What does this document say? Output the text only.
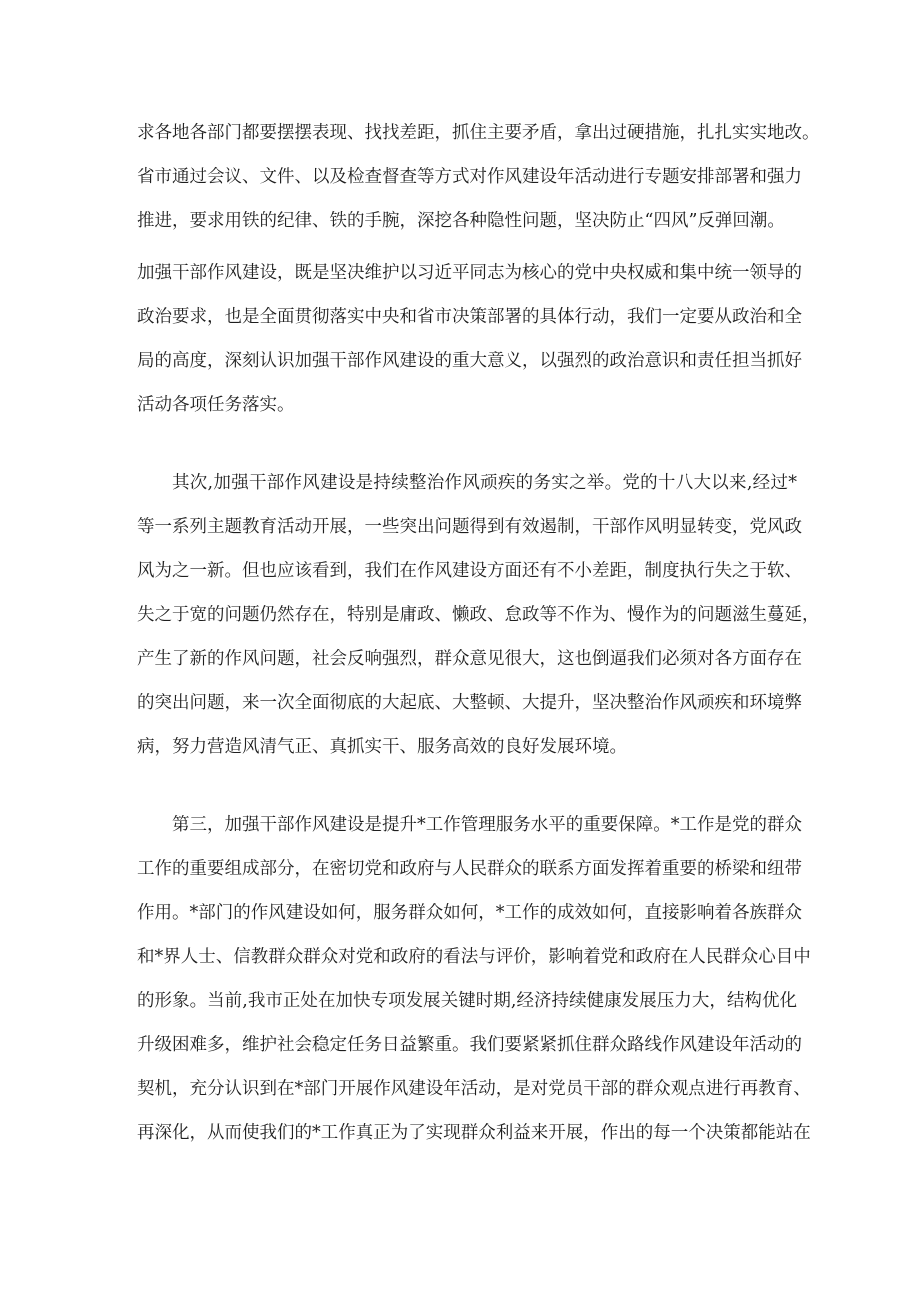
求各地各部门都要摆摆表现、找找差距，抓住主要矛盾，拿出过硬措施，扎扎实实地改。
省市通过会议、文件、以及检查督查等方式对作风建设年活动进行专题安排部署和强力
推进，要求用铁的纪律、铁的手腕，深挖各种隐性问题，坚决防止“四风”反弹回潮。
加强干部作风建设，既是坚决维护以习近平同志为核心的党中央权威和集中统一领导的
政治要求，也是全面贯彻落实中央和省市决策部署的具体行动，我们一定要从政治和全
局的高度，深刻认识加强干部作风建设的重大意义，以强烈的政治意识和责任担当抓好
活动各项任务落实。
其次,加强干部作风建设是持续整治作风顽疾的务实之举。党的十八大以来,经过*
等一系列主题教育活动开展，一些突出问题得到有效遏制，干部作风明显转变，党风政
风为之一新。但也应该看到，我们在作风建设方面还有不小差距，制度执行失之于软、
失之于宽的问题仍然存在，特别是庸政、懒政、怠政等不作为、慢作为的问题滋生蔓延，
产生了新的作风问题，社会反响强烈，群众意见很大，这也倒逼我们必须对各方面存在
的突出问题，来一次全面彻底的大起底、大整顿、大提升，坚决整治作风顽疾和环境弊
病，努力营造风清气正、真抓实干、服务高效的良好发展环境。
第三，加强干部作风建设是提升*工作管理服务水平的重要保障。*工作是党的群众
工作的重要组成部分，在密切党和政府与人民群众的联系方面发挥着重要的桥梁和纽带
作用。*部门的作风建设如何，服务群众如何，*工作的成效如何，直接影响着各族群众
和*界人士、信教群众群众对党和政府的看法与评价，影响着党和政府在人民群众心目中
的形象。当前,我市正处在加快专项发展关键时期,经济持续健康发展压力大，结构优化
升级困难多，维护社会稳定任务日益繁重。我们要紧紧抓住群众路线作风建设年活动的
契机，充分认识到在*部门开展作风建设年活动，是对党员干部的群众观点进行再教育、
再深化，从而使我们的*工作真正为了实现群众利益来开展，作出的每一个决策都能站在
